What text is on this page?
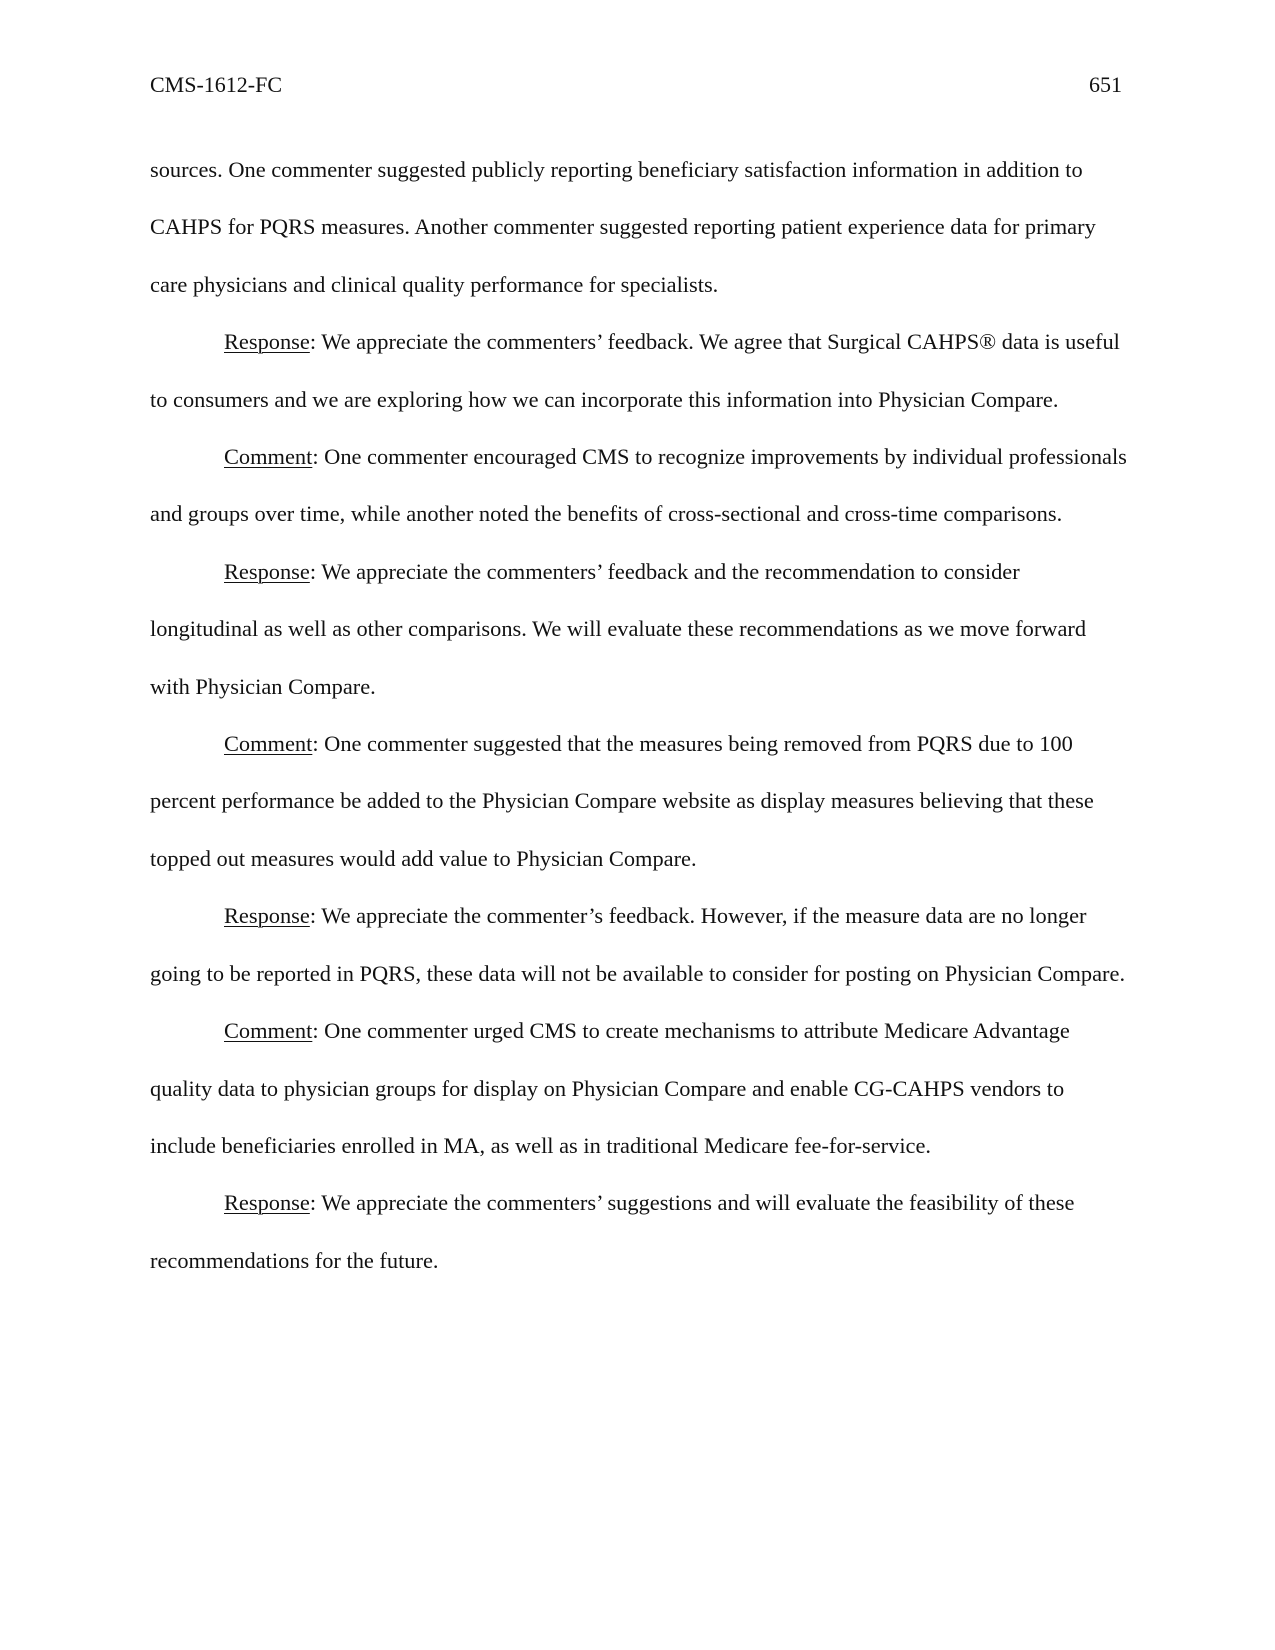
CMS-1612-FC	651

sources. One commenter suggested publicly reporting beneficiary satisfaction information in addition to CAHPS for PQRS measures. Another commenter suggested reporting patient experience data for primary care physicians and clinical quality performance for specialists.

Response: We appreciate the commenters’ feedback. We agree that Surgical CAHPS® data is useful to consumers and we are exploring how we can incorporate this information into Physician Compare.

Comment: One commenter encouraged CMS to recognize improvements by individual professionals and groups over time, while another noted the benefits of cross-sectional and cross-time comparisons.

Response: We appreciate the commenters’ feedback and the recommendation to consider longitudinal as well as other comparisons. We will evaluate these recommendations as we move forward with Physician Compare.

Comment: One commenter suggested that the measures being removed from PQRS due to 100 percent performance be added to the Physician Compare website as display measures believing that these topped out measures would add value to Physician Compare.

Response: We appreciate the commenter’s feedback. However, if the measure data are no longer going to be reported in PQRS, these data will not be available to consider for posting on Physician Compare.

Comment: One commenter urged CMS to create mechanisms to attribute Medicare Advantage quality data to physician groups for display on Physician Compare and enable CG-CAHPS vendors to include beneficiaries enrolled in MA, as well as in traditional Medicare fee-for-service.

Response: We appreciate the commenters’ suggestions and will evaluate the feasibility of these recommendations for the future.
